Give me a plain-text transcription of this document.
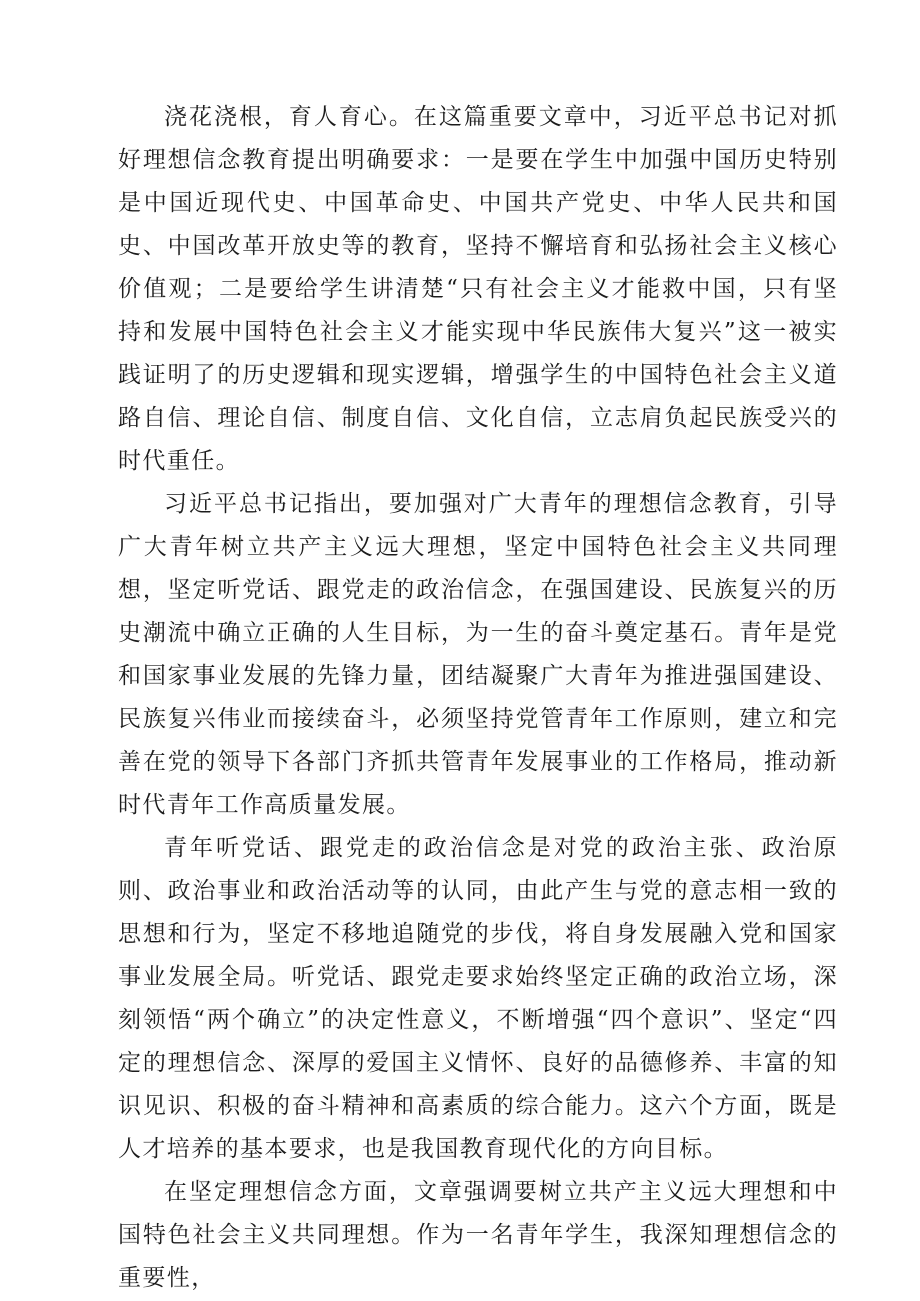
浇花浇根，育人育心。在这篇重要文章中，习近平总书记对抓好理想信念教育提出明确要求：一是要在学生中加强中国历史特别是中国近现代史、中国革命史、中国共产党史、中华人民共和国史、中国改革开放史等的教育，坚持不懈培育和弘扬社会主义核心价值观；二是要给学生讲清楚“只有社会主义才能救中国，只有坚持和发展中国特色社会主义才能实现中华民族伟大复兴”这一被实践证明了的历史逻辑和现实逻辑，增强学生的中国特色社会主义道路自信、理论自信、制度自信、文化自信，立志肩负起民族受兴的时代重任。

习近平总书记指出，要加强对广大青年的理想信念教育，引导广大青年树立共产主义远大理想，坚定中国特色社会主义共同理想，坚定听党话、跟党走的政治信念，在强国建设、民族复兴的历史潮流中确立正确的人生目标，为一生的奋斗奠定基石。青年是党和国家事业发展的先锋力量，团结凝聚广大青年为推进强国建设、民族复兴伟业而接续奋斗，必须坚持党管青年工作原则，建立和完善在党的领导下各部门齐抓共管青年发展事业的工作格局，推动新时代青年工作高质量发展。

青年听党话、跟党走的政治信念是对党的政治主张、政治原则、政治事业和政治活动等的认同，由此产生与党的意志相一致的思想和行为，坚定不移地追随党的步伐，将自身发展融入党和国家事业发展全局。听党话、跟党走要求始终坚定正确的政治立场，深刻领悟“两个确立”的决定性意义，不断增强“四个意识”、坚定“四定的理想信念、深厚的爱国主义情怀、良好的品德修养、丰富的知识见识、积极的奋斗精神和高素质的综合能力。这六个方面，既是人才培养的基本要求，也是我国教育现代化的方向目标。

在坚定理想信念方面，文章强调要树立共产主义远大理想和中国特色社会主义共同理想。作为一名青年学生，我深知理想信念的重要性，
